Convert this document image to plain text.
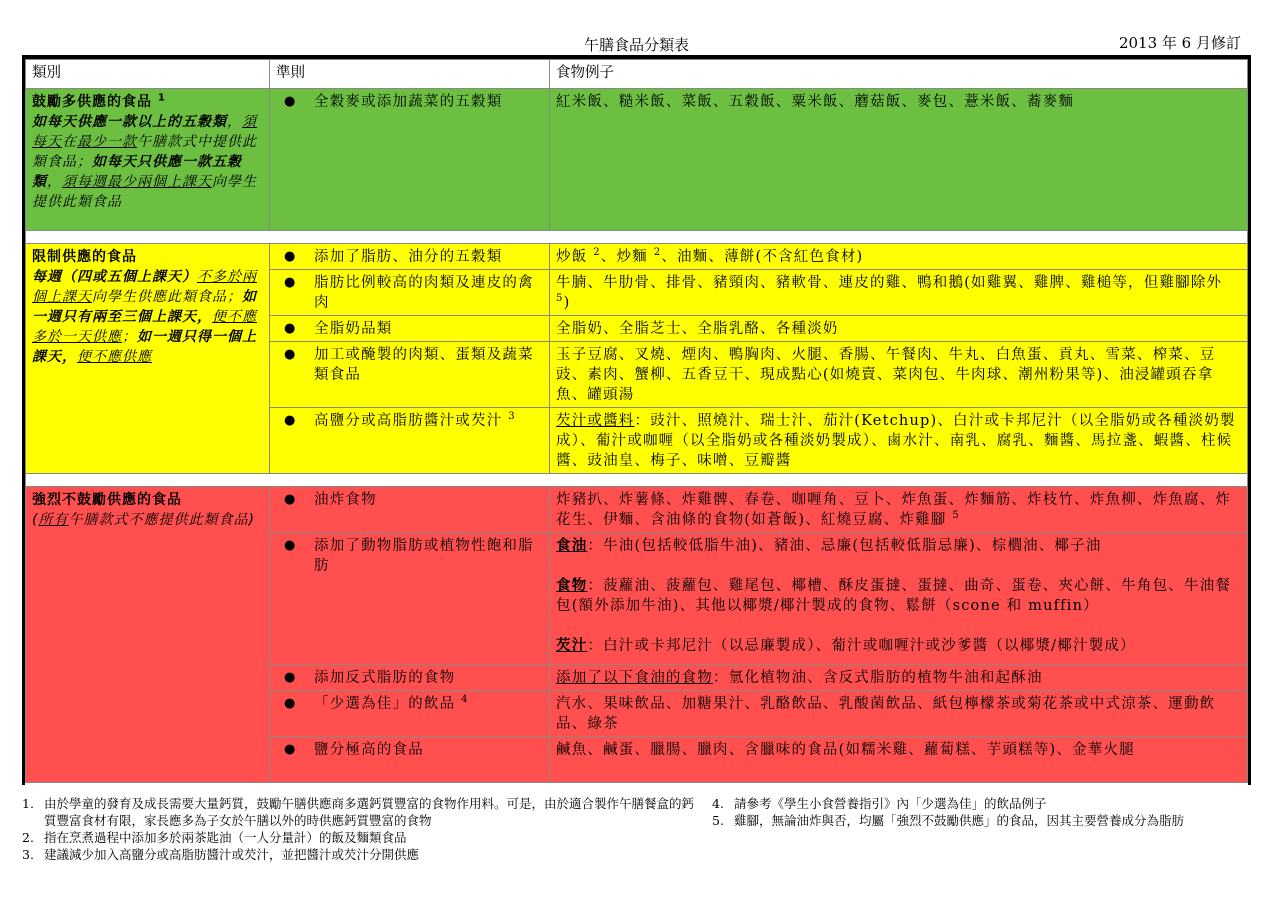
午膳食品分類表	2013 年 6 月修訂
類別	準則	食物例子

鼓勵多供應的食品 $^1$
如每天供應一款以上的五穀類，須每天在最少一款午膳款式中提供此類食品；如每天只供應一款五穀類，須每週最少兩個上課天向學生提供此類食品	● 全穀麥或添加蔬菜的五穀類	紅米飯、糙米飯、菜飯、五穀飯、粟米飯、蘑菇飯、麥包、薏米飯、蕎麥麵

限制供應的食品
每週（四或五個上課天）不多於兩個上課天向學生供應此類食品；如一週只有兩至三個上課天，便不應多於一天供應；如一週只得一個上課天，便不應供應	● 添加了脂肪、油分的五穀類	炒飯 $^2$、炒麵 $^2$、油麵、薄餅(不含紅色食材)
	● 脂肪比例較高的肉類及連皮的禽肉	牛腩、牛肋骨、排骨、豬頸肉、豬軟骨、連皮的雞、鴨和鵝(如雞翼、雞脾、雞槌等，但雞腳除外 $^5$)
	● 全脂奶品類	全脂奶、全脂芝士、全脂乳酪、各種淡奶
	● 加工或醃製的肉類、蛋類及蔬菜類食品	玉子豆腐、叉燒、煙肉、鴨胸肉、火腿、香腸、午餐肉、牛丸、白魚蛋、貢丸、雪菜、榨菜、豆豉、素肉、蟹柳、五香豆干、現成點心(如燒賣、菜肉包、牛肉球、潮州粉果等)、油浸罐頭吞拿魚、罐頭湯
	● 高鹽分或高脂肪醬汁或芡汁 $^3$	芡汁或醬料：豉汁、照燒汁、瑞士汁、茄汁(Ketchup)、白汁或卡邦尼汁（以全脂奶或各種淡奶製成）、葡汁或咖喱（以全脂奶或各種淡奶製成）、鹵水汁、南乳、腐乳、麵醬、馬拉盞、蝦醬、柱候醬、豉油皇、梅子、味噌、豆瓣醬

強烈不鼓勵供應的食品
(所有午膳款式不應提供此類食品)	● 油炸食物	炸豬扒、炸薯條、炸雞髀、春卷、咖喱角、豆卜、炸魚蛋、炸麵筋、炸枝竹、炸魚柳、炸魚腐、炸花生、伊麵、含油條的食物(如蒼飯)、紅燒豆腐、炸雞腳 $^5$
	● 添加了動物脂肪或植物性飽和脂肪	食油：牛油(包括較低脂牛油)、豬油、忌廉(包括較低脂忌廉)、棕櫚油、椰子油
食物：菠蘿油、菠蘿包、雞尾包、椰槽、酥皮蛋撻、蛋撻、曲奇、蛋卷、夾心餅、牛角包、牛油餐包(額外添加牛油)、其他以椰漿/椰汁製成的食物、鬆餅（scone 和 muffin）
芡汁：白汁或卡邦尼汁（以忌廉製成）、葡汁或咖喱汁或沙爹醬（以椰漿/椰汁製成）

	● 添加反式脂肪的食物	添加了以下食油的食物：氫化植物油、含反式脂肪的植物牛油和起酥油
	● 「少選為佳」的飲品 $^4$	汽水、果味飲品、加糖果汁、乳酪飲品、乳酸菌飲品、紙包檸檬茶或菊花茶或中式涼茶、運動飲品、綠茶
	● 鹽分極高的食品	鹹魚、鹹蛋、臘腸、臘肉、含臘味的食品(如糯米雞、蘿蔔糕、芋頭糕等)、金華火腿
1. 由於學童的發育及成長需要大量鈣質，鼓勵午膳供應商多選鈣質豐富的食物作用料。可是，由於適合製作午膳餐盒的鈣質豐富食材有限，家長應多為子女於午膳以外的時供應鈣質豐富的食物
2. 指在烹煮過程中添加多於兩茶匙油（一人分量計）的飯及麵類食品
3. 建議減少加入高鹽分或高脂肪醬汁或芡汁，並把醬汁或芡汁分開供應
4. 請參考《學生小食營養指引》內「少選為佳」的飲品例子
5. 雞腳，無論油炸與否，均屬「強烈不鼓勵供應」的食品，因其主要營養成分為脂肪
